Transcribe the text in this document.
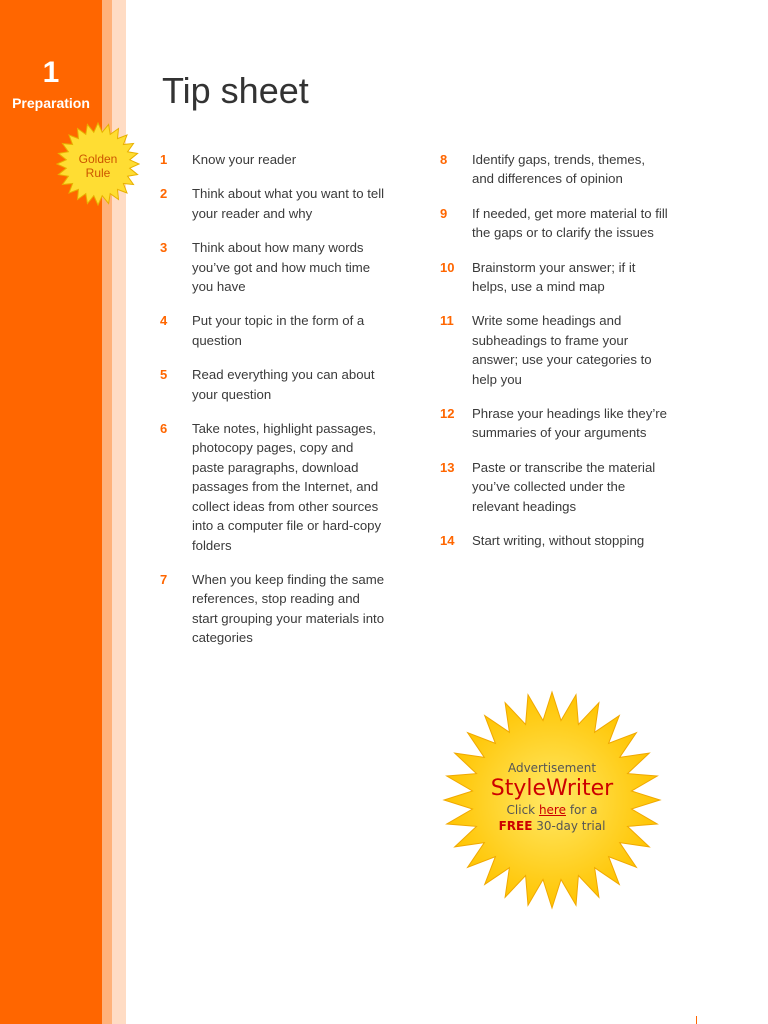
1
Preparation
Golden
Rule
Tip sheet
1 Know your reader
2 Think about what you want to tell your reader and why
3 Think about how many words you’ve got and how much time you have
4 Put your topic in the form of a question
5 Read everything you can about your question
6 Take notes, highlight passages, photocopy pages, copy and paste paragraphs, download passages from the Internet, and collect ideas from other sources into a computer file or hard-copy folders
7 When you keep finding the same references, stop reading and start grouping your materials into categories
8 Identify gaps, trends, themes, and differences of opinion
9 If needed, get more material to fill the gaps or to clarify the issues
10 Brainstorm your answer; if it helps, use a mind map
11 Write some headings and subheadings to frame your answer; use your categories to help you
12 Phrase your headings like they’re summaries of your arguments
13 Paste or transcribe the material you’ve collected under the relevant headings
14 Start writing, without stopping
Advertisement
StyleWriter
Click here for a
FREE 30-day trial
